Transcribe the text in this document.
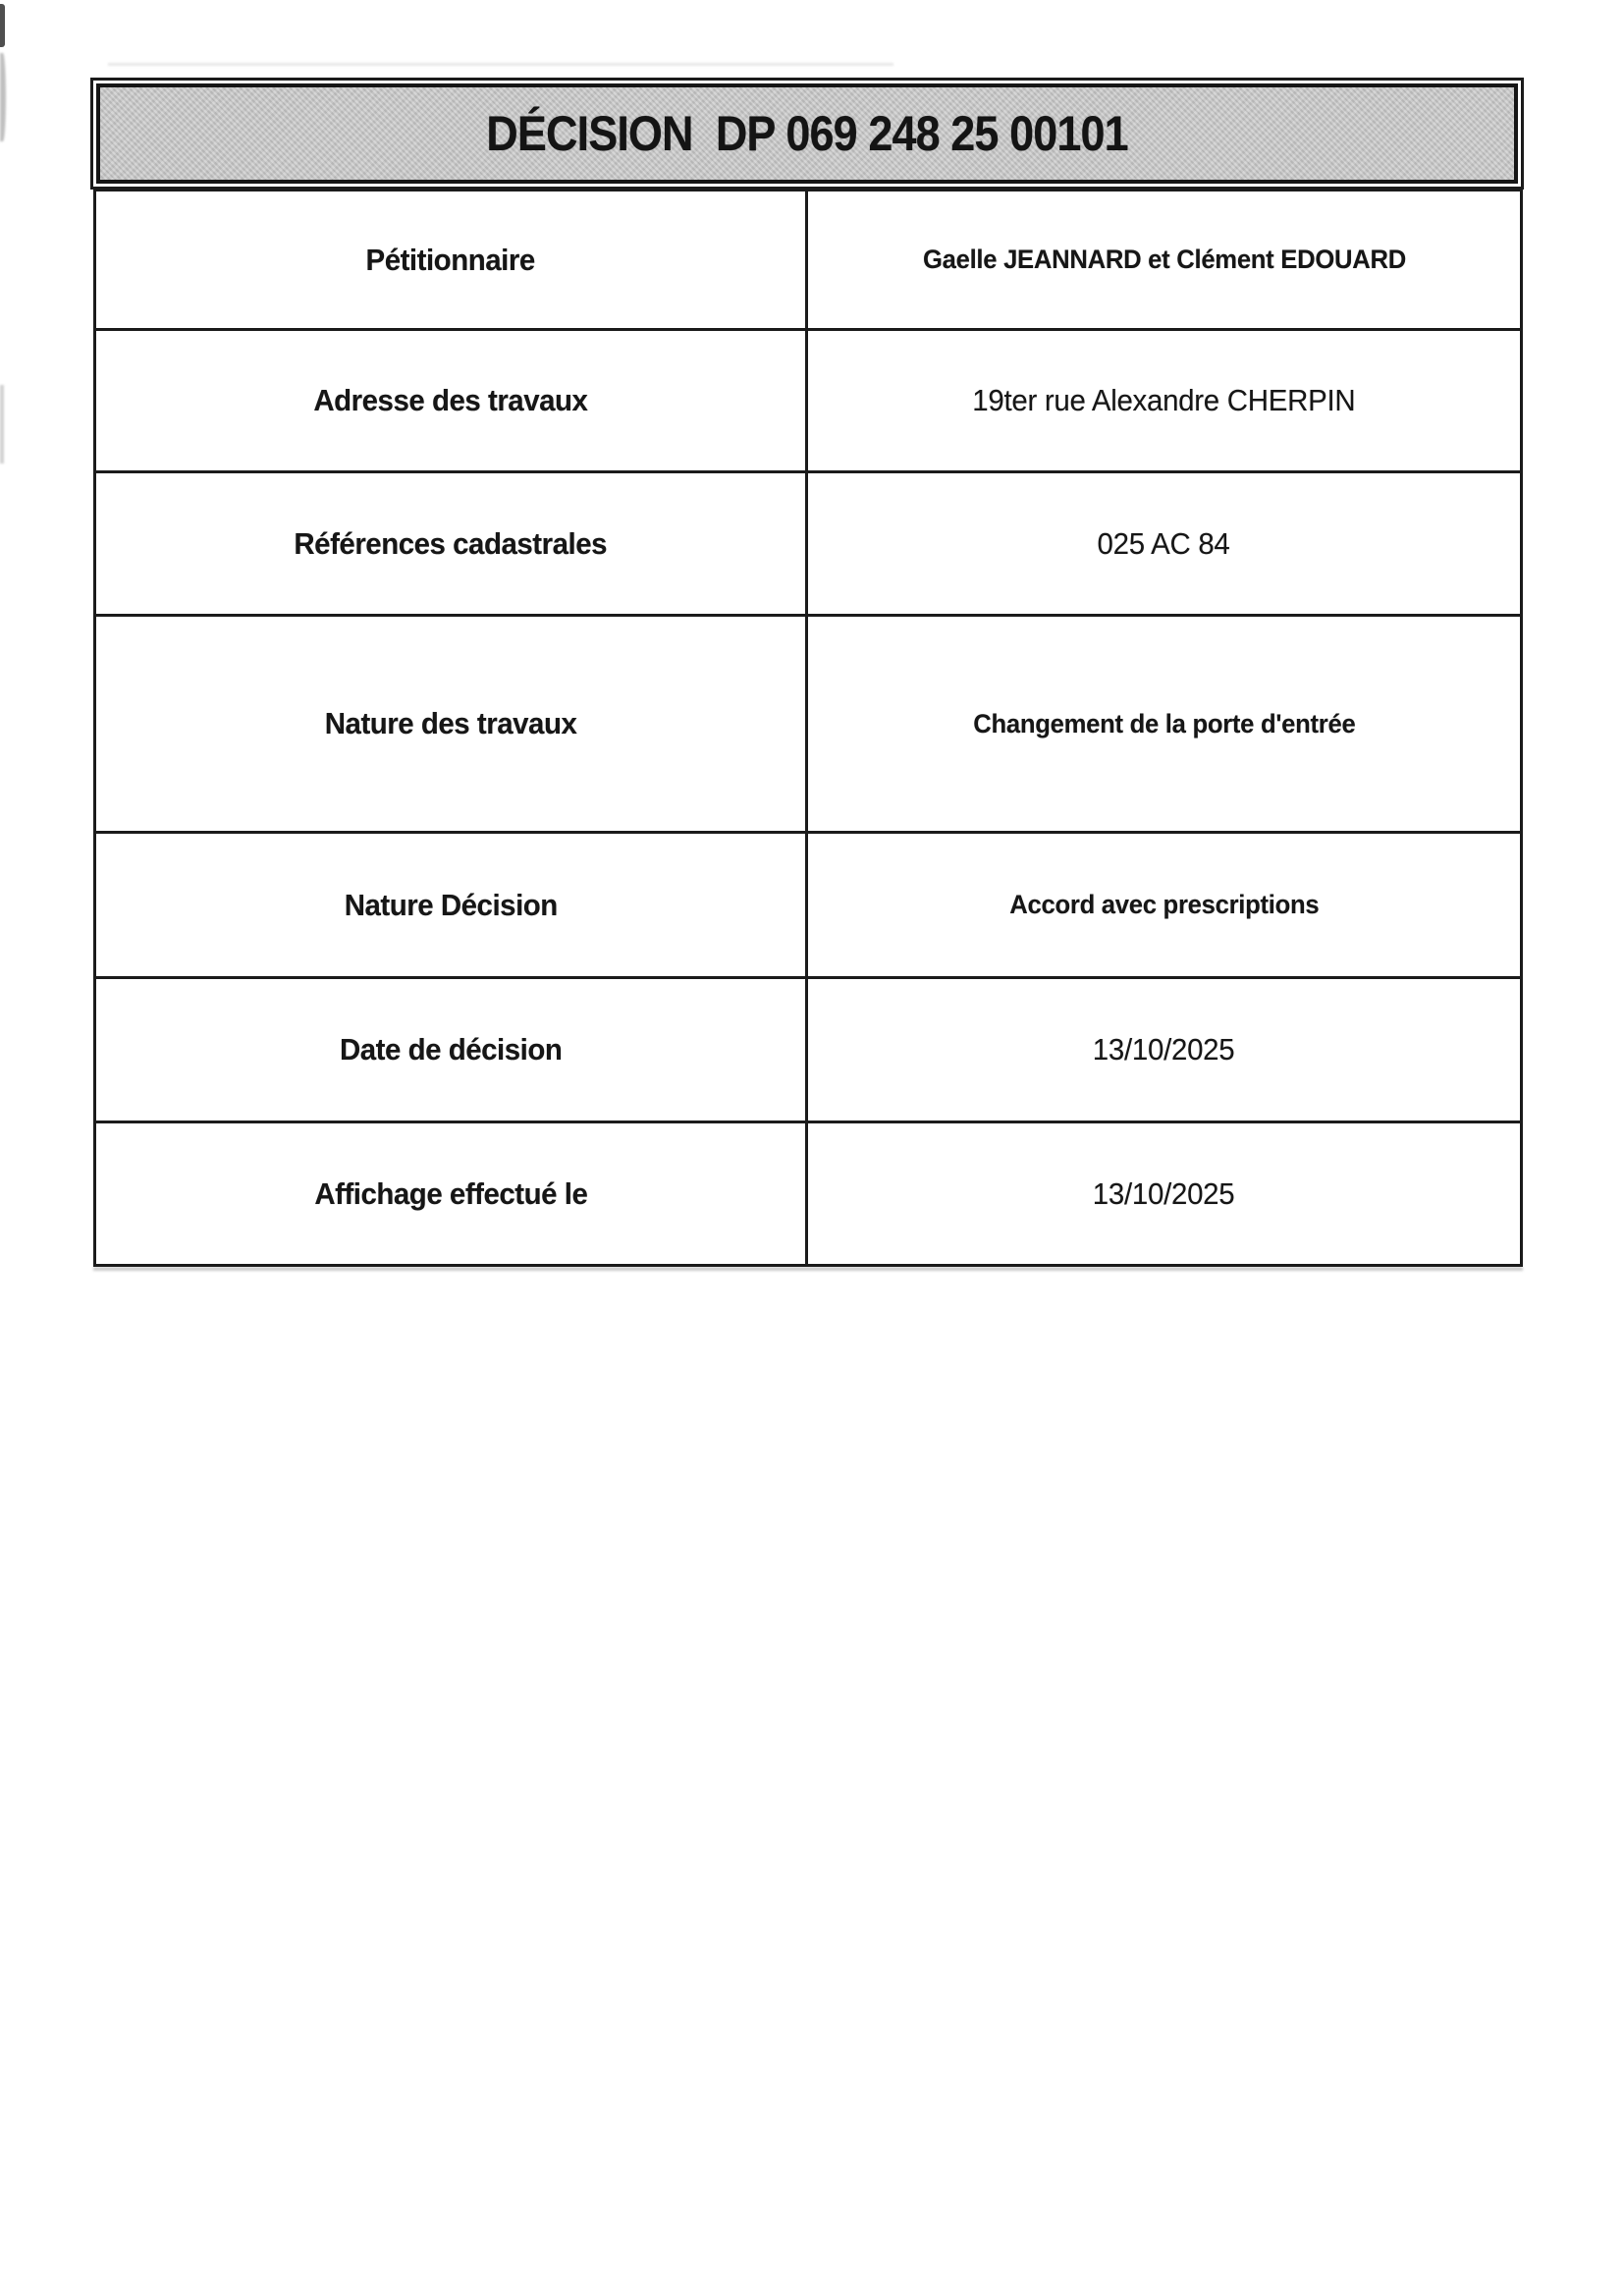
DÉCISION  DP 069 248 25 00101
Pétitionnaire	Gaelle JEANNARD et Clément EDOUARD
Adresse des travaux	19ter rue Alexandre CHERPIN
Références cadastrales	025 AC 84
Nature des travaux	Changement de la porte d'entrée
Nature Décision	Accord avec prescriptions
Date de décision	13/10/2025
Affichage effectué le	13/10/2025
